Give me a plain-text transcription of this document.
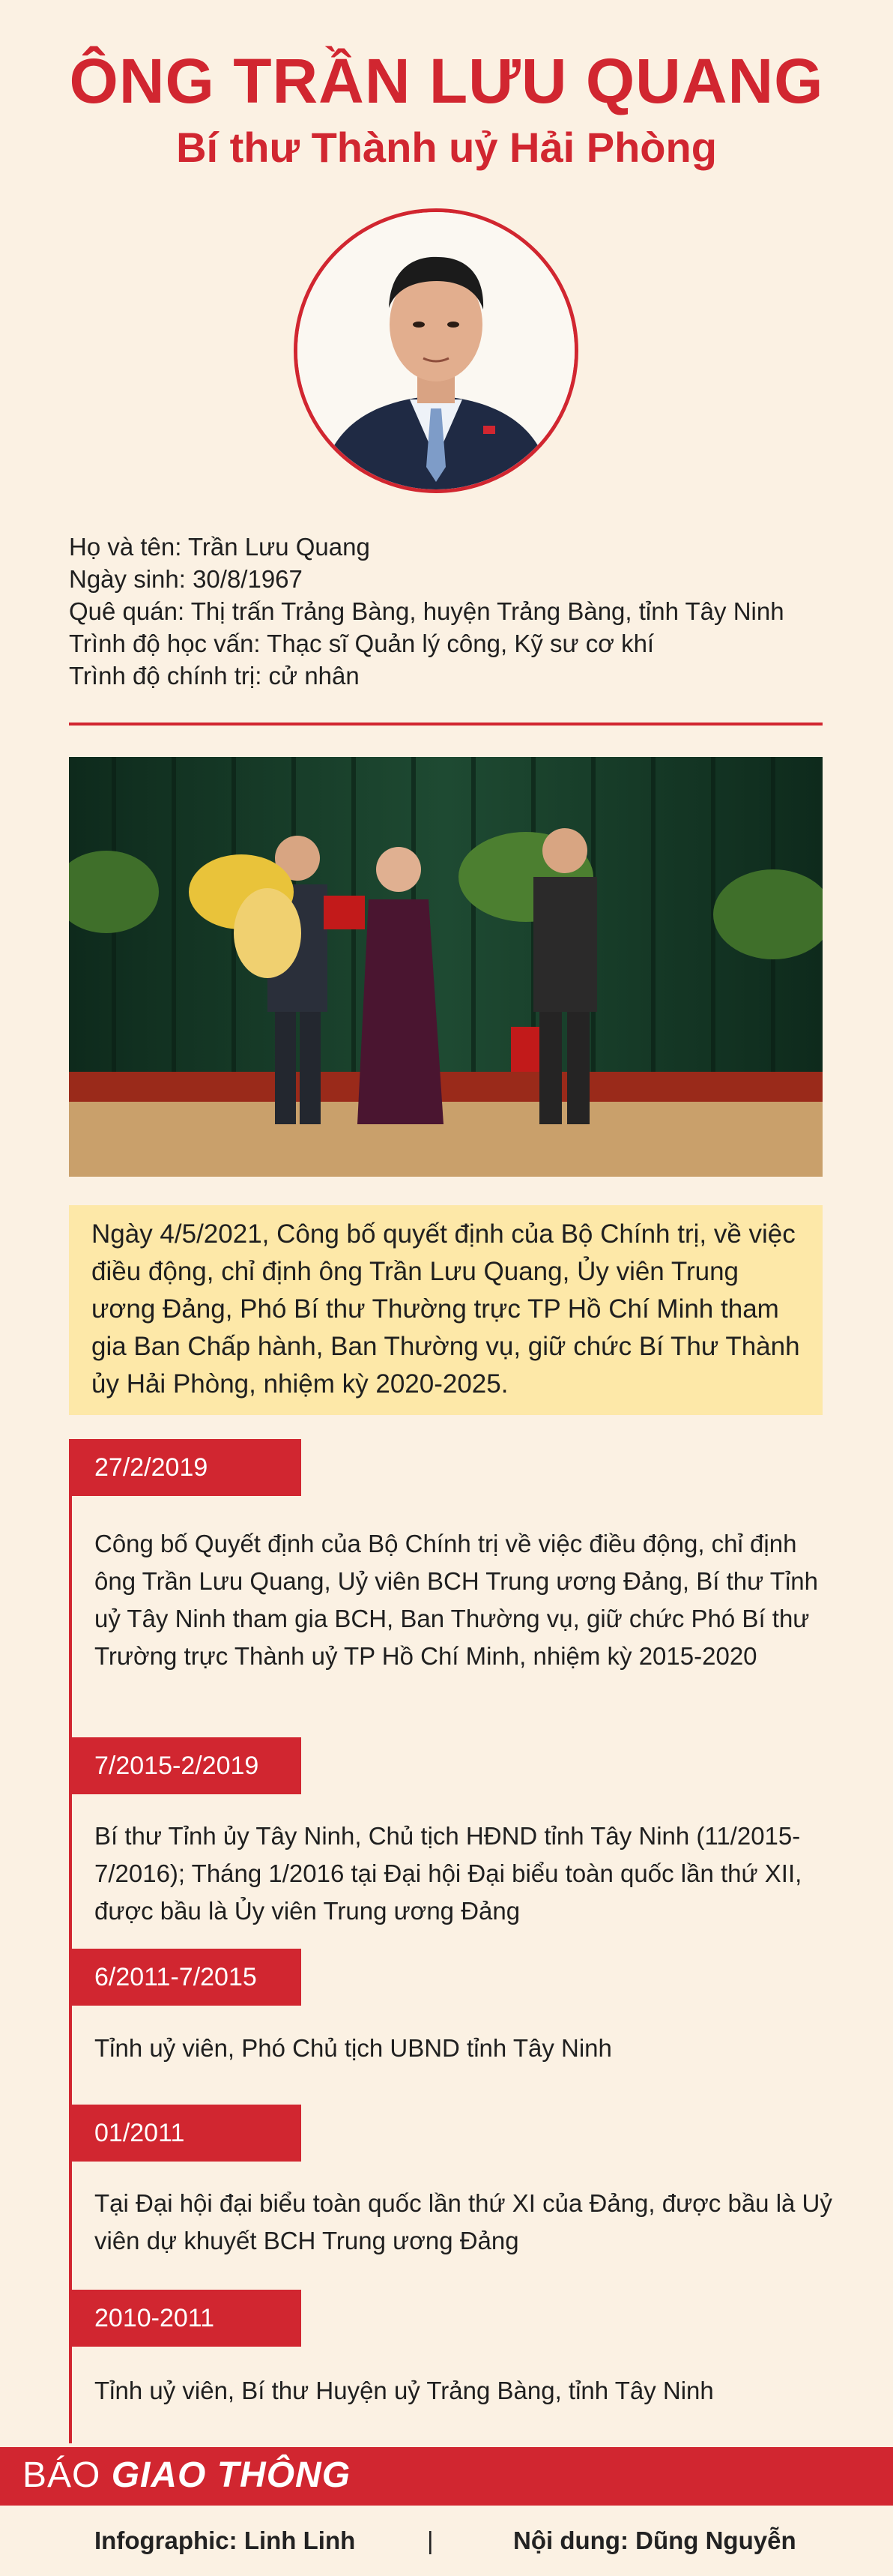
ÔNG TRẦN LƯU QUANG
Bí thư Thành uỷ Hải Phòng
Họ và tên: Trần Lưu Quang
Ngày sinh: 30/8/1967
Quê quán: Thị trấn Trảng Bàng, huyện Trảng Bàng, tỉnh Tây Ninh
Trình độ học vấn: Thạc sĩ Quản lý công, Kỹ sư cơ khí
Trình độ chính trị: cử nhân
Ngày 4/5/2021, Công bố quyết định của Bộ Chính trị, về việc điều động, chỉ định ông Trần Lưu Quang, Ủy viên Trung ương Đảng, Phó Bí thư Thường trực TP Hồ Chí Minh tham gia Ban Chấp hành, Ban Thường vụ, giữ chức Bí Thư Thành ủy Hải Phòng, nhiệm kỳ 2020-2025.
27/2/2019
Công bố Quyết định của Bộ Chính trị về việc điều động, chỉ định ông Trần Lưu Quang, Uỷ viên BCH Trung ương Đảng, Bí thư Tỉnh uỷ Tây Ninh tham gia BCH, Ban Thường vụ, giữ chức Phó Bí thư Trường trực Thành uỷ TP Hồ Chí Minh, nhiệm kỳ 2015-2020
7/2015-2/2019
Bí thư Tỉnh ủy Tây Ninh, Chủ tịch HĐND tỉnh Tây Ninh (11/2015-7/2016); Tháng 1/2016 tại Đại hội Đại biểu toàn quốc lần thứ XII, được bầu là Ủy viên Trung ương Đảng
6/2011-7/2015
Tỉnh uỷ viên, Phó Chủ tịch UBND tỉnh Tây Ninh
01/2011
Tại Đại hội đại biểu toàn quốc lần thứ XI của Đảng, được bầu là Uỷ viên dự khuyết BCH Trung ương Đảng
2010-2011
Tỉnh uỷ viên, Bí thư Huyện uỷ Trảng Bàng, tỉnh Tây Ninh
BÁO GIAO THÔNG
Infographic: Linh Linh	|	Nội dung: Dũng Nguyễn
